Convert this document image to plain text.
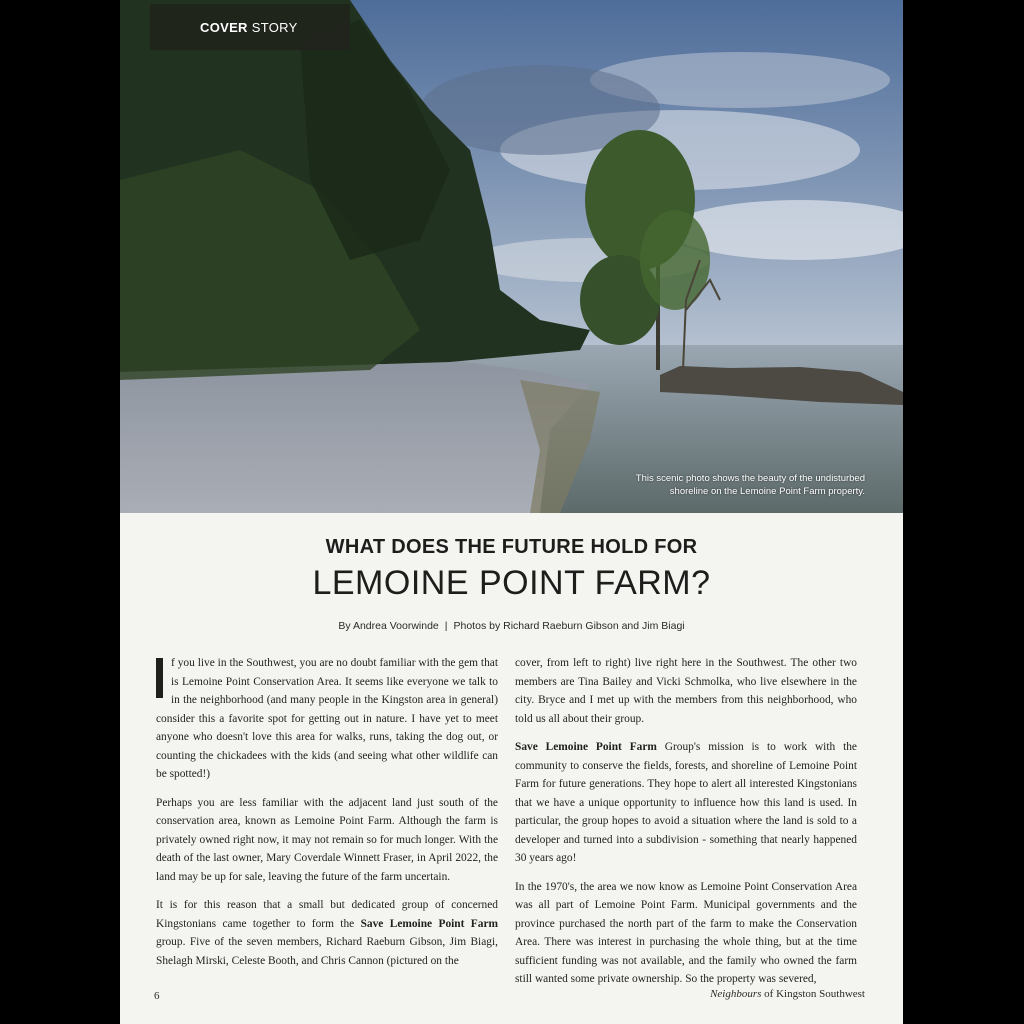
COVER STORY
This scenic photo shows the beauty of the undisturbed
shoreline on the Lemoine Point Farm property.
WHAT DOES THE FUTURE HOLD FOR
LEMOINE POINT FARM?
By Andrea Voorwinde | Photos by Richard Raeburn Gibson and Jim Biagi

f you live in the Southwest, you are no doubt familiar with the gem that is Lemoine Point Conservation Area. It seems like everyone we talk to in the neighborhood (and many people in the Kingston area in general) consider this a favorite spot for getting out in nature. I have yet to meet anyone who doesn't love this area for walks, runs, taking the dog out, or counting the chickadees with the kids (and seeing what other wildlife can be spotted!)

Perhaps you are less familiar with the adjacent land just south of the conservation area, known as Lemoine Point Farm. Although the farm is privately owned right now, it may not remain so for much longer. With the death of the last owner, Mary Coverdale Winnett Fraser, in April 2022, the land may be up for sale, leaving the future of the farm uncertain.

It is for this reason that a small but dedicated group of concerned Kingstonians came together to form the Save Lemoine Point Farm group. Five of the seven members, Richard Raeburn Gibson, Jim Biagi, Shelagh Mirski, Celeste Booth, and Chris Cannon (pictured on the

cover, from left to right) live right here in the Southwest. The other two members are Tina Bailey and Vicki Schmolka, who live elsewhere in the city. Bryce and I met up with the members from this neighborhood, who told us all about their group.

Save Lemoine Point Farm Group's mission is to work with the community to conserve the fields, forests, and shoreline of Lemoine Point Farm for future generations. They hope to alert all interested Kingstonians that we have a unique opportunity to influence how this land is used. In particular, the group hopes to avoid a situation where the land is sold to a developer and turned into a subdivision - something that nearly happened 30 years ago!

In the 1970's, the area we now know as Lemoine Point Conservation Area was all part of Lemoine Point Farm. Municipal governments and the province purchased the north part of the farm to make the Conservation Area. There was interest in purchasing the whole thing, but at the time sufficient funding was not available, and the family who owned the farm still wanted some private ownership. So the property was severed,

6	Neighbours of Kingston Southwest
